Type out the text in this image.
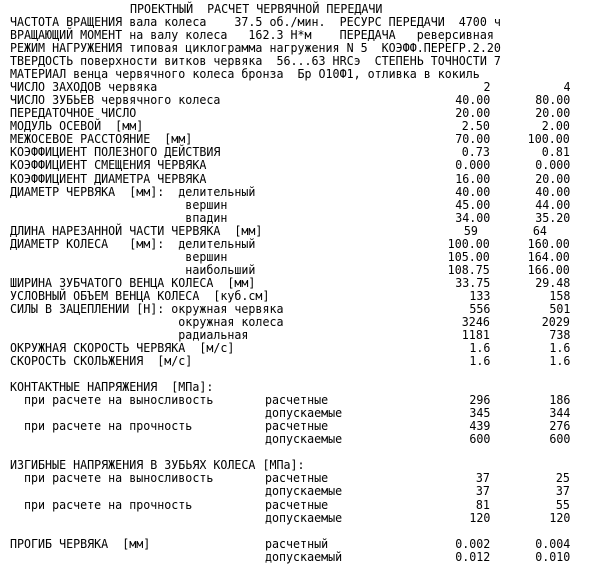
ПРОЕКТНЫЙ  РАСЧЕТ ЧЕРВЯЧНОЙ ПЕРЕДАЧИ
ЧАСТОТА ВРАЩЕНИЯ вала колеса    37.5 об./мин.  РЕСУРС ПЕРЕДАЧИ  4700 ч
ВРАЩАЮЩИЙ МОМЕНТ на валу колеса   162.3 Н*м    ПЕРЕДАЧА   реверсивная
РЕЖИМ НАГРУЖЕНИЯ типовая циклограмма нагружения N 5  КОЭФФ.ПЕРЕГР.2.20
ТВЕРДОСТЬ поверхности витков червяка  56...63 HRCэ  СТЕПЕНЬ ТОЧНОСТИ 7
МАТЕРИАЛ венца червячного колеса бронза  Бр О10Ф1, отливка в кокиль
ЧИСЛО ЗАХОДОВ червяка	2	4
ЧИСЛО ЗУБЬЕВ червячного колеса	40.00	80.00
ПЕРЕДАТОЧНОЕ ЧИСЛО	20.00	20.00
МОДУЛЬ ОСЕВОЙ  [мм]	2.50	2.00
МЕЖОСЕВОЕ РАССТОЯНИЕ  [мм]	70.00	100.00
КОЭФФИЦИЕНТ ПОЛЕЗНОГО ДЕЙСТВИЯ	0.73	0.81
КОЭФФИЦИЕНТ СМЕЩЕНИЯ ЧЕРВЯКА	0.000	0.000
КОЭФФИЦИЕНТ ДИАМЕТРА ЧЕРВЯКА	16.00	20.00
ДИАМЕТР ЧЕРВЯКА  [мм]:  делительный	40.00	40.00
вершин	45.00	44.00
впадин	34.00	35.20
ДЛИНА НАРЕЗАННОЙ ЧАСТИ ЧЕРВЯКА  [мм]	59	64
ДИАМЕТР КОЛЕСА   [мм]:  делительный	100.00	160.00
вершин	105.00	164.00
наибольший	108.75	166.00
ШИРИНА ЗУБЧАТОГО ВЕНЦА КОЛЕСА  [мм]	33.75	29.48
УСЛОВНЫЙ ОБЪЕМ ВЕНЦА КОЛЕСА  [куб.см]	133	158
СИЛЫ В ЗАЦЕПЛЕНИИ [Н]: окружная червяка	556	501
окружная колеса	3246	2029
радиальная	1181	738
ОКРУЖНАЯ СКОРОСТЬ ЧЕРВЯКА  [м/с]	1.6	1.6
СКОРОСТЬ СКОЛЬЖЕНИЯ  [м/с]	1.6	1.6
КОНТАКТНЫЕ НАПРЯЖЕНИЯ  [МПа]:
при расчете на выносливость	расчетные	296	186
допускаемые	345	344
при расчете на прочность	расчетные	439	276
допускаемые	600	600
ИЗГИБНЫЕ НАПРЯЖЕНИЯ В ЗУБЬЯХ КОЛЕСА [МПа]:
при расчете на выносливость	расчетные	37	25
допускаемые	37	37
при расчете на прочность	расчетные	81	55
допускаемые	120	120
ПРОГИБ ЧЕРВЯКА  [мм]	расчетный	0.002	0.004
допускаемый	0.012	0.010
